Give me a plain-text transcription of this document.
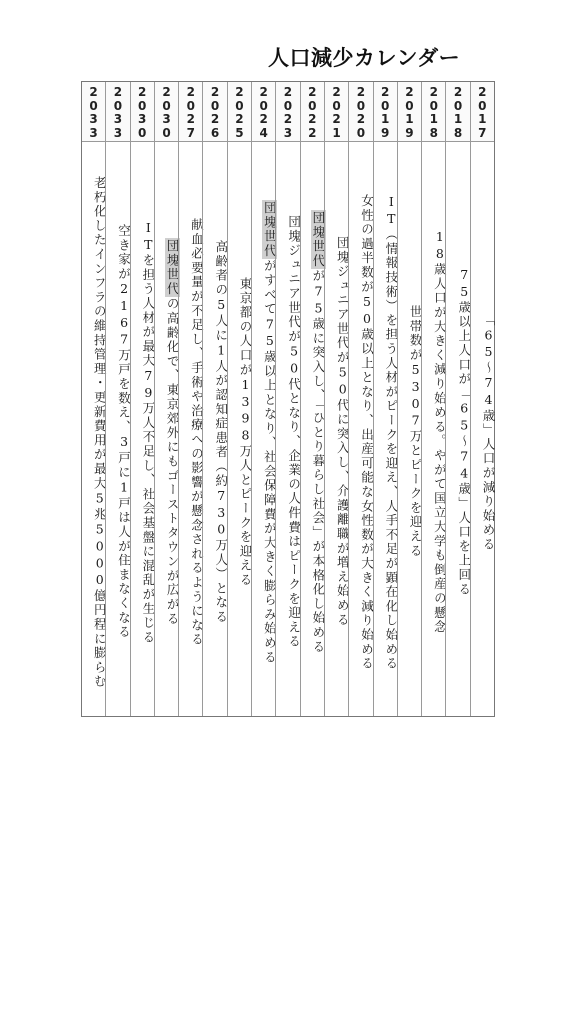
人口減少カレンダー
2
0
1
7
「65～74歳」人口が減り始める
2
0
1
8
75歳以上人口が「65～74歳」人口を上回る
2
0
1
8
18歳人口が大きく減り始める。やがて国立大学も倒産の懸念
2
0
1
9
世帯数が5307万とピークを迎える
2
0
1
9
IT（情報技術）を担う人材がピークを迎え、人手不足が顕在化し始める
2
0
2
0
女性の過半数が50歳以上となり、出産可能な女性数が大きく減り始める
2
0
2
1
団塊ジュニア世代が50代に突入し、介護離職が増え始める
2
0
2
2
団塊世代が75歳に突入し、「ひとり暮らし社会」が本格化し始める
2
0
2
3
団塊ジュニア世代が50代となり、企業の人件費はピークを迎える
2
0
2
4
団塊世代がすべて75歳以上となり、社会保障費が大きく膨らみ始める
2
0
2
5
東京都の人口が1398万人とピークを迎える
2
0
2
6
高齢者の5人に1人が認知症患者（約730万人）となる
2
0
2
7
献血必要量が不足し、手術や治療への影響が懸念されるようになる
2
0
3
0
団塊世代の高齢化で、東京郊外にもゴーストタウンが広がる
2
0
3
0
ITを担う人材が最大79万人不足し、社会基盤に混乱が生じる
2
0
3
3
空き家が2167万戸を数え、3戸に1戸は人が住まなくなる
2
0
3
3
老朽化したインフラの維持管理・更新費用が最大5兆5000億円程に膨らむ
